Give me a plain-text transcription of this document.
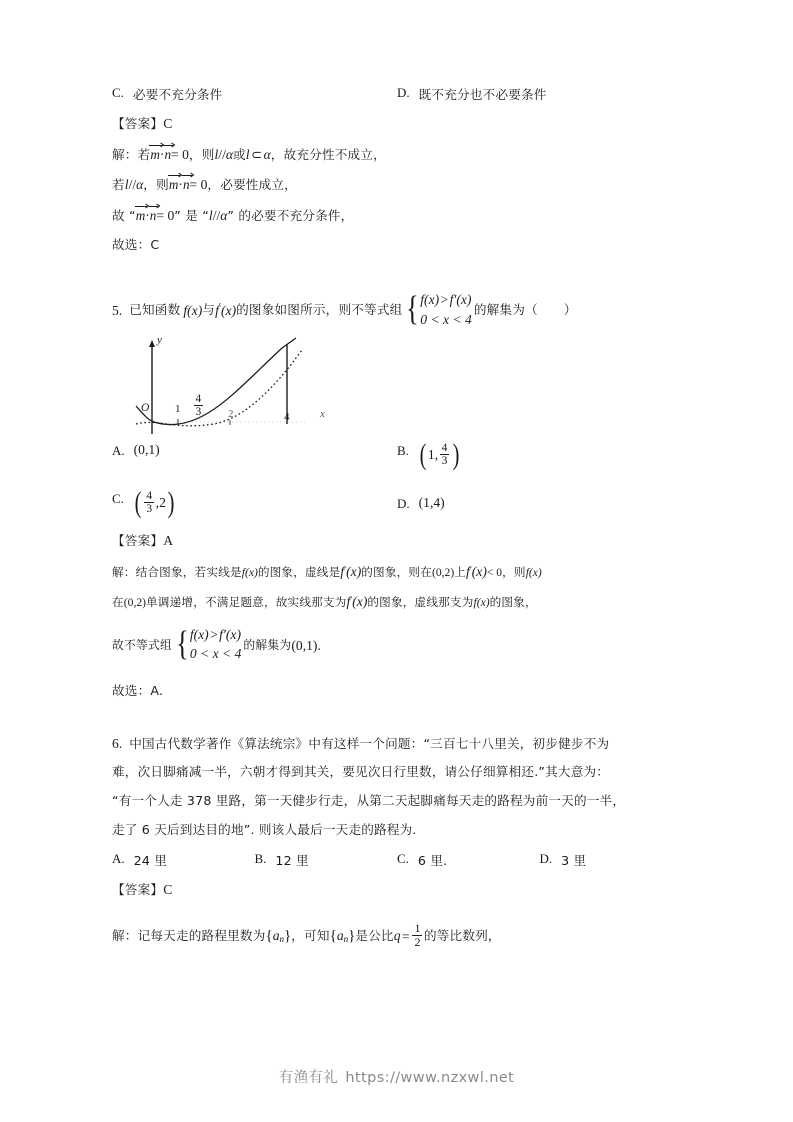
C. 必要不充分条件	D. 既不充分也不必要条件
【答案】C
解：若m·n= 0，则l//α或l ⊂ α，故充分性不成立，
若l//α，则m·n= 0，必要性成立，
故 “m·n= 0” 是 “l//α” 的必要不充分条件，
故选：C
5. 已知函数 f (x) 与 f ′ (x) 的图象如图所示，则不等式组 { f(x) > f′(x)
0 < x < 4
的解集为（ ）
y
x
O $1 \frac{4}{3} 2$	4
A. (0,1)	B. ( 1, $\frac{4}{3}$ )
C. ( $\frac{4}{3} ,2$ )	D. (1,4)
【答案】A
解：结合图象，若实线是f(x)的图象，虚线是f′(x)的图象，则在(0,2)上f′(x)< 0，则f(x)
在(0,2)单调递增，不满足题意，故实线那支为f′(x)的图象，虚线那支为f(x)的图象，
故不等式组 { f(x) > f′(x)
0 < x < 4
的解集为 (0,1) .
故选：A.
6. 中国古代数学著作《算法统宗》中有这样一个问题：“三百七十八里关，初步健步不为
难，次日脚痛减一半，六朝才得到其关，要见次日行里数，请公仔细算相还.”其大意为：
“有一个人走 378 里路，第一天健步行走，从第二天起脚痛每天走的路程为前一天的一半，
走了 6 天后到达目的地”. 则该人最后一天走的路程为.
A. 24 里	B. 12 里	C. 6 里.	D. 3 里
【答案】C
解：记每天走的路程里数为 { a n } ，可知 { a n } 是公比 $q = \frac{1}{2}$ 的等比数列，
有渔有礼 https://www.nzxwl.net
